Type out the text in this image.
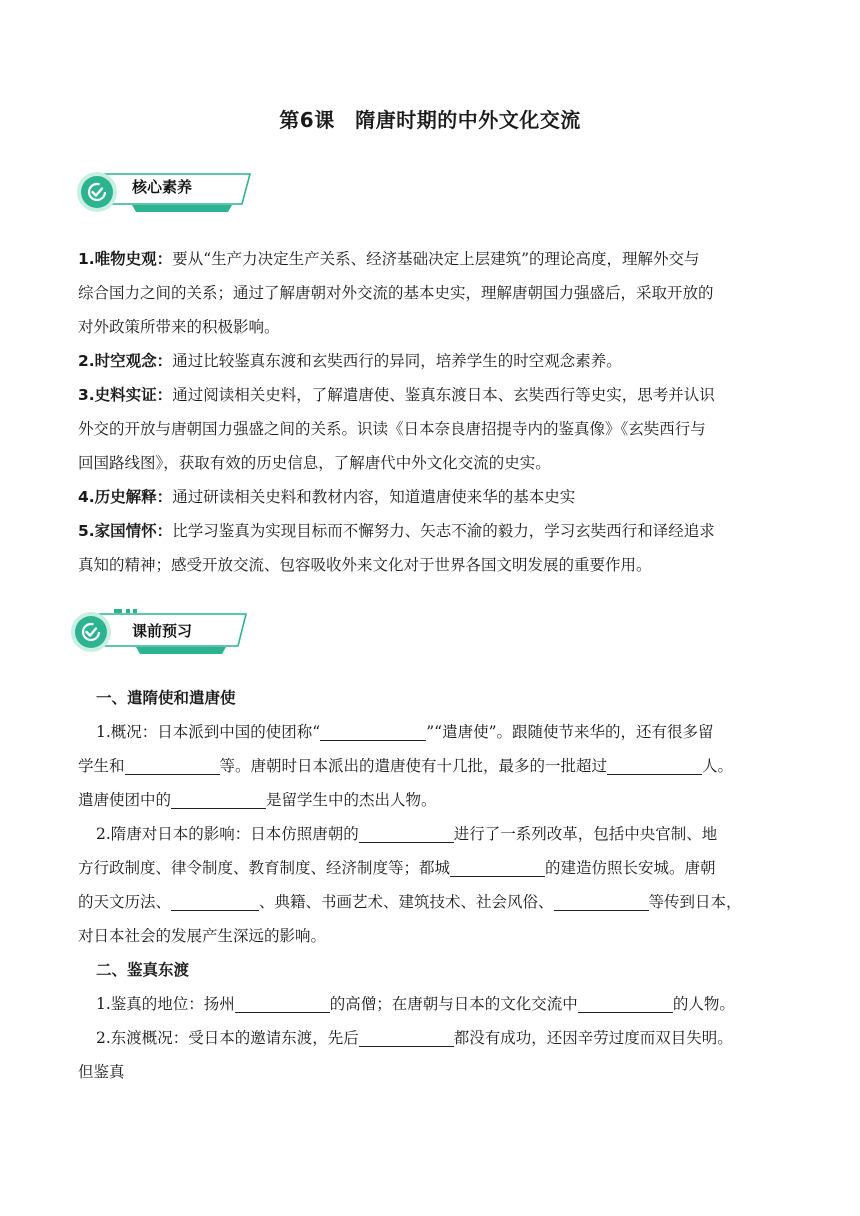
第6课　隋唐时期的中外文化交流
核心素养
1.唯物史观：要从“生产力决定生产关系、经济基础决定上层建筑”的理论高度，理解外交与
综合国力之间的关系；通过了解唐朝对外交流的基本史实，理解唐朝国力强盛后，采取开放的
对外政策所带来的积极影响。
2.时空观念：通过比较鉴真东渡和玄奘西行的异同，培养学生的时空观念素养。
3.史料实证：通过阅读相关史料，了解遣唐使、鉴真东渡日本、玄奘西行等史实，思考并认识
外交的开放与唐朝国力强盛之间的关系。识读《日本奈良唐招提寺内的鉴真像》《玄奘西行与
回国路线图》，获取有效的历史信息，了解唐代中外文化交流的史实。
4.历史解释：通过研读相关史料和教材内容，知道遣唐使来华的基本史实
5.家国情怀：比学习鉴真为实现目标而不懈努力、矢志不渝的毅力，学习玄奘西行和译经追求
真知的精神；感受开放交流、包容吸收外来文化对于世界各国文明发展的重要作用。
课前预习
一、遣隋使和遣唐使
1.概况：日本派到中国的使团称“	”“遣唐使”。跟随使节来华的，还有很多留
学生和	等。唐朝时日本派出的遣唐使有十几批，最多的一批超过	人。
遣唐使团中的	是留学生中的杰出人物。
2.隋唐对日本的影响：日本仿照唐朝的	进行了一系列改革，包括中央官制、地
方行政制度、律令制度、教育制度、经济制度等；都城	的建造仿照长安城。唐朝
的天文历法、	、典籍、书画艺术、建筑技术、社会风俗、	等传到日本，
对日本社会的发展产生深远的影响。
二、鉴真东渡
1.鉴真的地位：扬州	的高僧；在唐朝与日本的文化交流中	的人物。
2.东渡概况：受日本的邀请东渡，先后	都没有成功，还因辛劳过度而双目失明。
但鉴真
